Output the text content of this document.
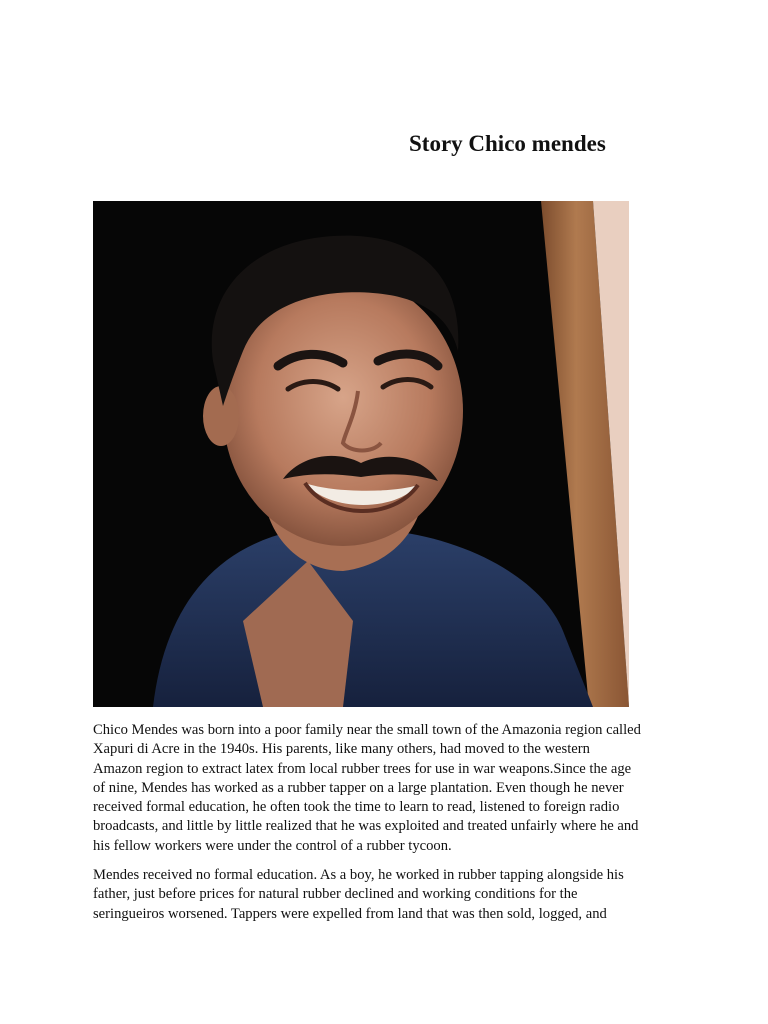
Story Chico mendes

Chico Mendes was born into a poor family near the small town of the Amazonia region called
Xapuri di Acre in the 1940s. His parents, like many others, had moved to the western
Amazon region to extract latex from local rubber trees for use in war weapons.Since the age
of nine, Mendes has worked as a rubber tapper on a large plantation. Even though he never
received formal education, he often took the time to learn to read, listened to foreign radio
broadcasts, and little by little realized that he was exploited and treated unfairly where he and
his fellow workers were under the control of a rubber tycoon.

Mendes received no formal education. As a boy, he worked in rubber tapping alongside his
father, just before prices for natural rubber declined and working conditions for the
seringueiros worsened. Tappers were expelled from land that was then sold, logged, and
